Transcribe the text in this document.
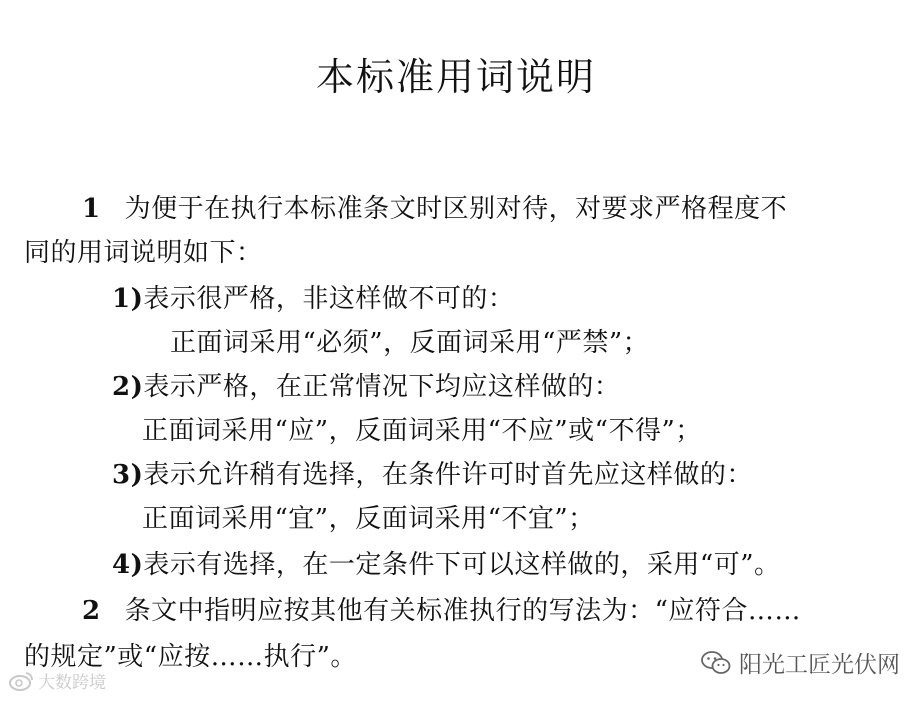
本标准用词说明
1 为便于在执行本标准条文时区别对待，对要求严格程度不
同的用词说明如下：
1)表示很严格，非这样做不可的：
正面词采用“必须”，反面词采用“严禁”；
2)表示严格，在正常情况下均应这样做的：
正面词采用“应”，反面词采用“不应”或“不得”；
3)表示允许稍有选择，在条件许可时首先应这样做的：
正面词采用“宜”，反面词采用“不宜”；
4)表示有选择，在一定条件下可以这样做的，采用“可”。
2 条文中指明应按其他有关标准执行的写法为：“应符合……
的规定”或“应按……执行”。
大数跨境
阳光工匠光伏网
